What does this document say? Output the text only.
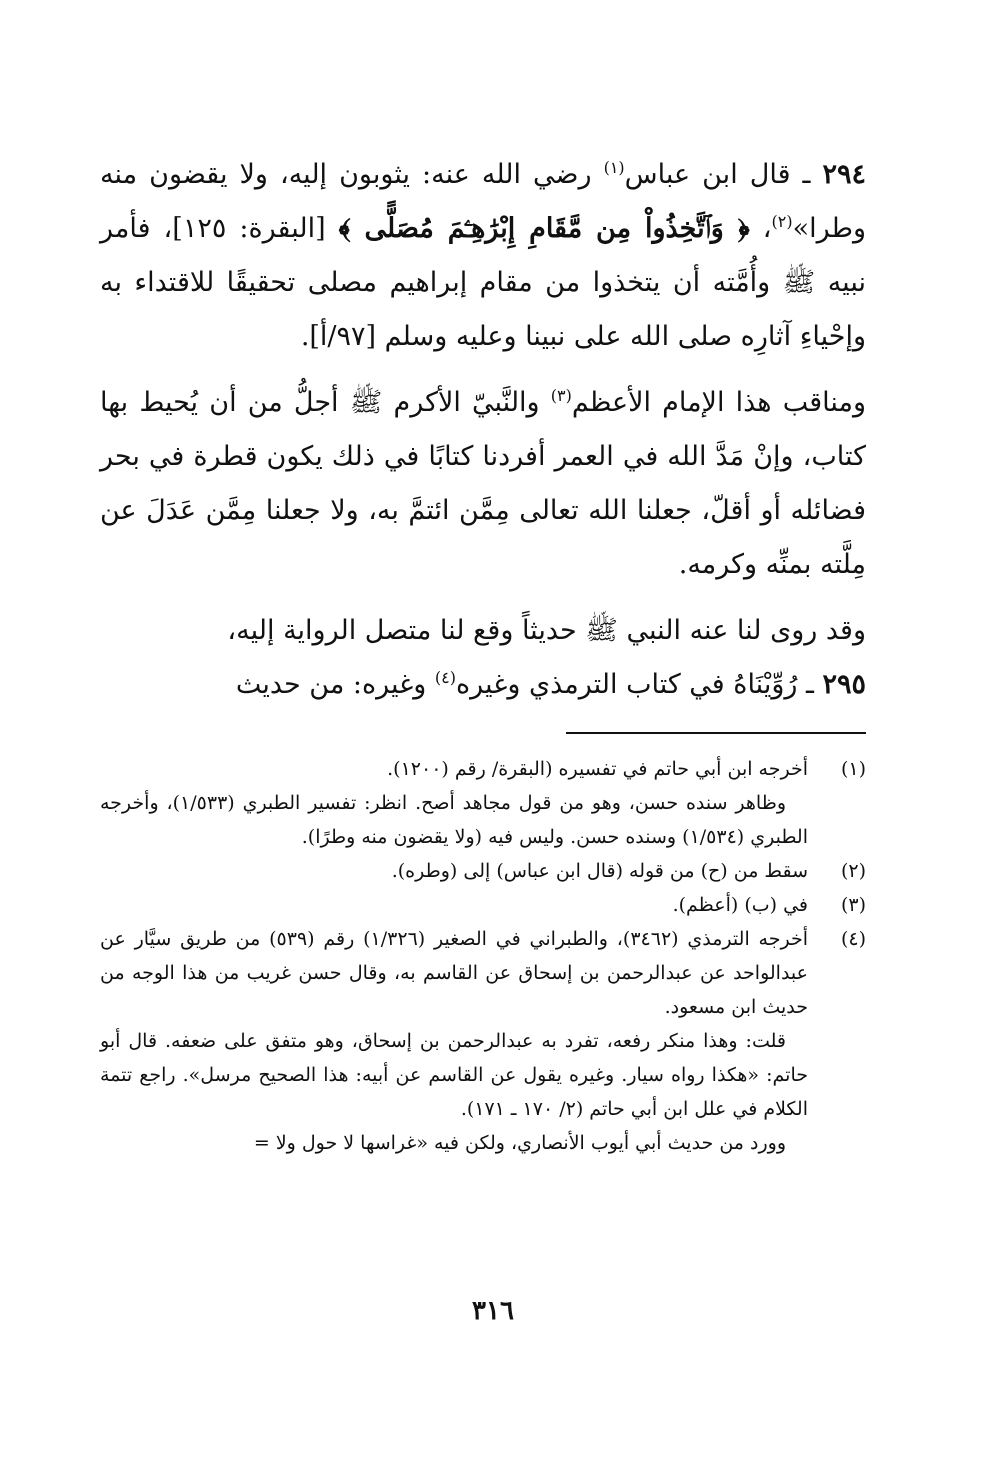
٢٩٤ ـ قال ابن عباس$^{(١)}$ رضي الله عنه: يثوبون إليه، ولا يقضون منه وطرا»$^{(٢)}$، ﴿ وَٱتَّخِذُواْ مِن مَّقَامِ إِبْرَٰهِـۧمَ مُصَلًّى ﴾ [البقرة: ١٢٥]، فأمر نبيه ﷺ وأُمَّته أن يتخذوا من مقام إبراهيم مصلى تحقيقًا للاقتداء به وإحْياءِ آثارِه صلى الله على نبينا وعليه وسلم [٩٧/أ].

ومناقب هذا الإمام الأعظم$^{(٣)}$ والنَّبيّ الأكرم ﷺ أجلُّ من أن يُحيط بها كتاب، وإنْ مَدَّ الله في العمر أفردنا كتابًا في ذلك يكون قطرة في بحر فضائله أو أقلّ، جعلنا الله تعالى مِمَّن ائتمَّ به، ولا جعلنا مِمَّن عَدَلَ عن مِلَّته بمنِّه وكرمه.

وقد روى لنا عنه النبي ﷺ حديثاً وقع لنا متصل الرواية إليه،

٢٩٥ ـ رُوِّيْنَاهُ في كتاب الترمذي وغيره$^{(٤)}$ وغيره: من حديث

(١)

أخرجه ابن أبي حاتم في تفسيره (البقرة/ رقم (١٢٠٠).

وظاهر سنده حسن، وهو من قول مجاهد أصح. انظر: تفسير الطبري (١/٥٣٣)، وأخرجه الطبري (١/٥٣٤) وسنده حسن. وليس فيه (ولا يقضون منه وطرًا).

(٢)

سقط من (ح) من قوله (قال ابن عباس) إلى (وطره).

(٣)

في (ب) (أعظم).

(٤)

أخرجه الترمذي (٣٤٦٢)، والطبراني في الصغير (١/٣٢٦) رقم (٥٣٩) من طريق سيَّار عن عبدالواحد عن عبدالرحمن بن إسحاق عن القاسم به، وقال حسن غريب من هذا الوجه من حديث ابن مسعود.

قلت: وهذا منكر رفعه، تفرد به عبدالرحمن بن إسحاق، وهو متفق على ضعفه. قال أبو حاتم: «هكذا رواه سيار. وغيره يقول عن القاسم عن أبيه: هذا الصحيح مرسل». راجع تتمة الكلام في علل ابن أبي حاتم (٢/ ١٧٠ ـ ١٧١).

وورد من حديث أبي أيوب الأنصاري، ولكن فيه «غراسها لا حول ولا =

٣١٦
